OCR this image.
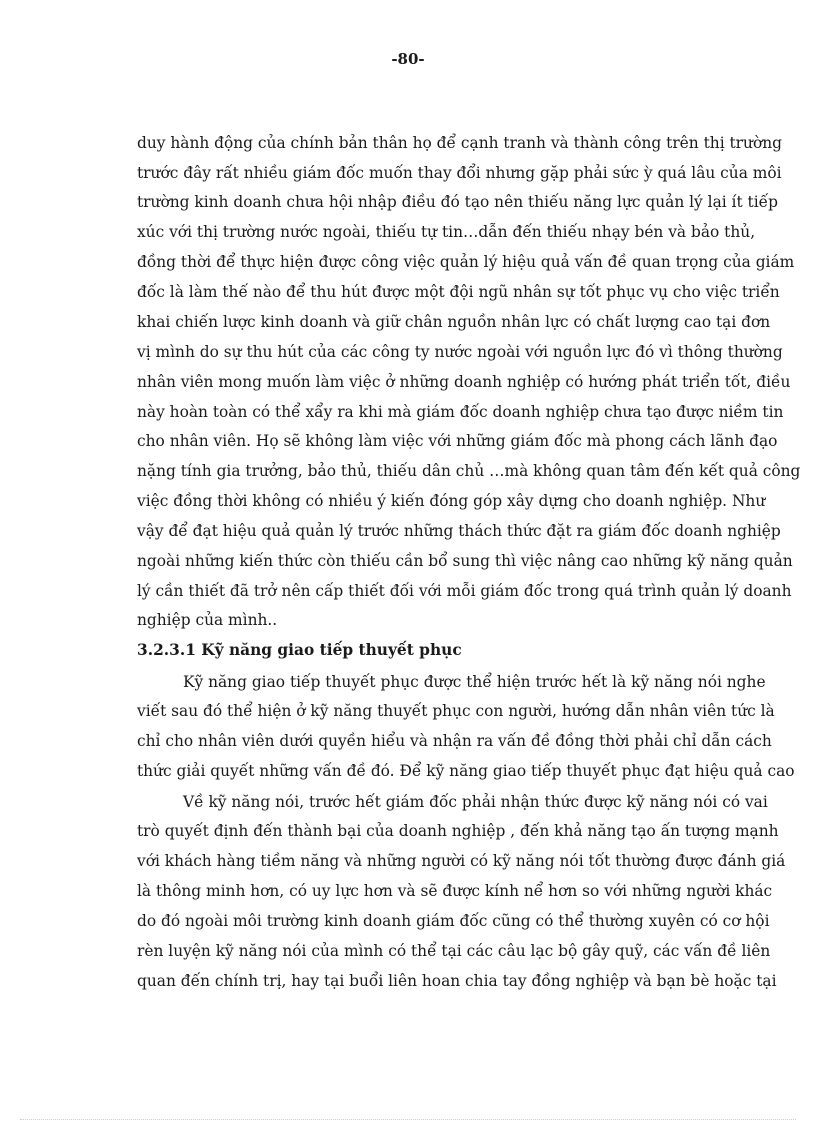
-80-
duy hành động của chính bản thân họ để cạnh tranh và thành công trên thị trường
trước đây rất nhiều giám đốc muốn thay đổi nhưng gặp phải sức ỳ quá lâu của môi
trường kinh doanh chưa hội nhập điều đó tạo nên thiếu năng lực quản lý lại ít tiếp
xúc với thị trường nước ngoài, thiếu tự tin…dẫn đến thiếu nhạy bén và bảo thủ,
đồng thời để thực hiện được công việc quản lý hiệu quả vấn đề quan trọng của giám
đốc là làm thế nào để thu hút được một đội ngũ nhân sự tốt phục vụ cho việc triển
khai chiến lược kinh doanh và giữ chân nguồn nhân lực có chất lượng cao tại đơn
vị mình do sự thu hút của các công ty nước ngoài với nguồn lực đó vì thông thường
nhân viên mong muốn làm việc ở những doanh nghiệp có hướng phát triển tốt, điều
này hoàn toàn có thể xẩy ra khi mà giám đốc doanh nghiệp chưa tạo được niềm tin
cho nhân viên. Họ sẽ không làm việc với những giám đốc mà phong cách lãnh đạo
nặng tính gia trưởng, bảo thủ, thiếu dân chủ …mà không quan tâm đến kết quả công
việc đồng thời không có nhiều ý kiến đóng góp xây dựng cho doanh nghiệp. Như
vậy để đạt hiệu quả quản lý trước những thách thức đặt ra giám đốc doanh nghiệp
ngoài những kiến thức còn thiếu cần bổ sung thì việc nâng cao những kỹ năng quản
lý cần thiết đã trở nên cấp thiết đối với mỗi giám đốc trong quá trình quản lý doanh
nghiệp của mình..
3.2.3.1 Kỹ năng giao tiếp thuyết phục
Kỹ năng giao tiếp thuyết phục được thể hiện trước hết là kỹ năng nói nghe
viết sau đó thể hiện ở kỹ năng thuyết phục con người, hướng dẫn nhân viên tức là
chỉ cho nhân viên dưới quyền hiểu và nhận ra vấn đề đồng thời phải chỉ dẫn cách
thức giải quyết những vấn đề đó. Để kỹ năng giao tiếp thuyết phục đạt hiệu quả cao
Về kỹ năng nói, trước hết giám đốc phải nhận thức được kỹ năng nói có vai
trò quyết định đến thành bại của doanh nghiệp , đến khả năng tạo ấn tượng mạnh
với khách hàng tiềm năng và những người có kỹ năng nói tốt thường được đánh giá
là thông minh hơn, có uy lực hơn và sẽ được kính nể hơn so với những người khác
do đó ngoài môi trường kinh doanh giám đốc cũng có thể thường xuyên có cơ hội
rèn luyện kỹ năng nói của mình có thể tại các câu lạc bộ gây quỹ, các vấn đề liên
quan đến chính trị, hay tại buổi liên hoan chia tay đồng nghiệp và bạn bè hoặc tại
